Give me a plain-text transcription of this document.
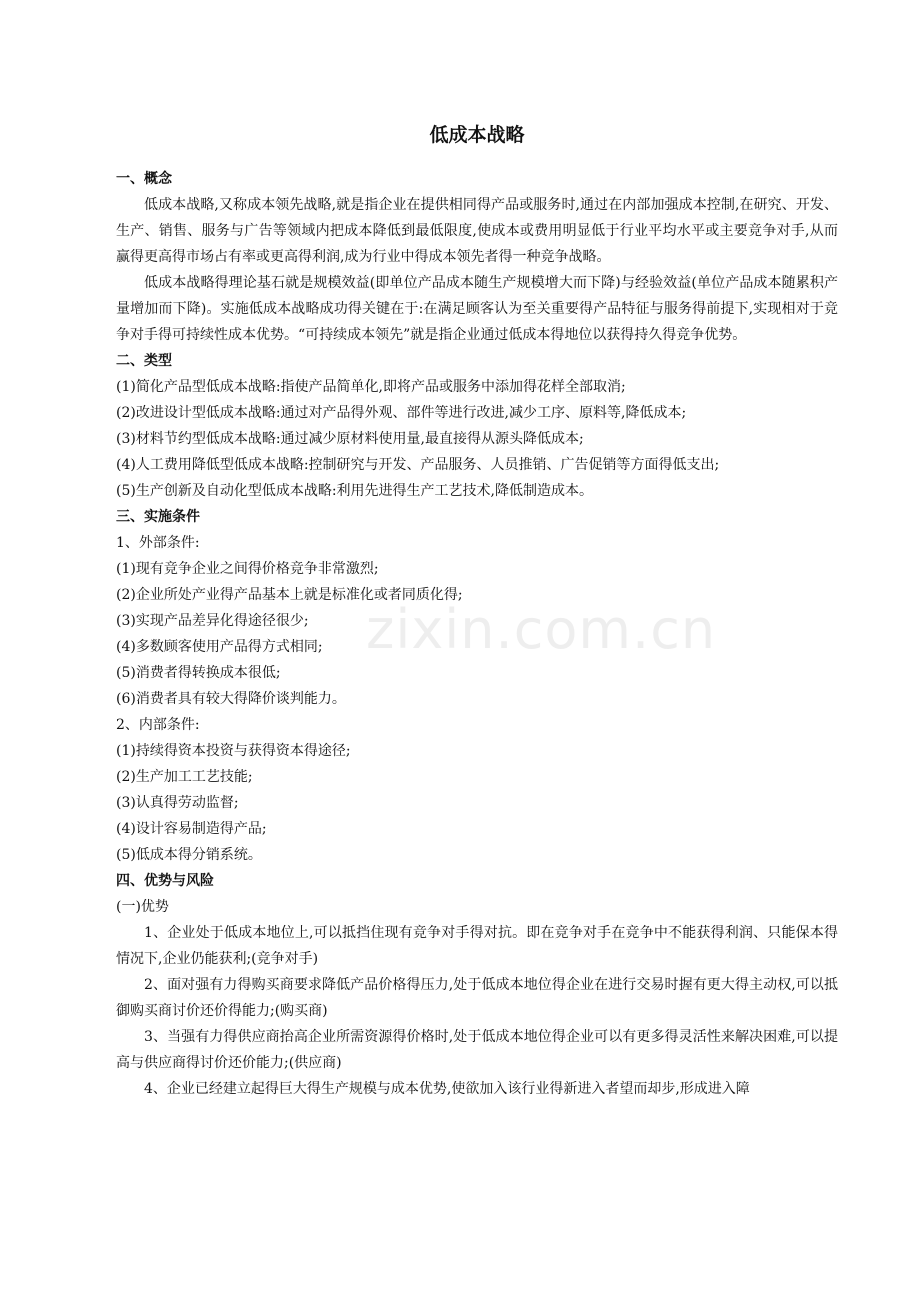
zixin.com.cn
低成本战略
一、概念

低成本战略,又称成本领先战略,就是指企业在提供相同得产品或服务时,通过在内部加强成本控制,在研究、开发、生产、销售、服务与广告等领域内把成本降低到最低限度,使成本或费用明显低于行业平均水平或主要竞争对手,从而赢得更高得市场占有率或更高得利润,成为行业中得成本领先者得一种竞争战略。

低成本战略得理论基石就是规模效益(即单位产品成本随生产规模增大而下降)与经验效益(单位产品成本随累积产量增加而下降)。实施低成本战略成功得关键在于:在满足顾客认为至关重要得产品特征与服务得前提下,实现相对于竞争对手得可持续性成本优势。“可持续成本领先”就是指企业通过低成本得地位以获得持久得竞争优势。

二、类型

(1)简化产品型低成本战略:指使产品简单化,即将产品或服务中添加得花样全部取消;

(2)改进设计型低成本战略:通过对产品得外观、部件等进行改进,减少工序、原料等,降低成本;

(3)材料节约型低成本战略:通过减少原材料使用量,最直接得从源头降低成本;

(4)人工费用降低型低成本战略:控制研究与开发、产品服务、人员推销、广告促销等方面得低支出;

(5)生产创新及自动化型低成本战略:利用先进得生产工艺技术,降低制造成本。

三、实施条件

1、外部条件:

(1)现有竞争企业之间得价格竞争非常激烈;

(2)企业所处产业得产品基本上就是标准化或者同质化得;

(3)实现产品差异化得途径很少;

(4)多数顾客使用产品得方式相同;

(5)消费者得转换成本很低;

(6)消费者具有较大得降价谈判能力。

2、内部条件:

(1)持续得资本投资与获得资本得途径;

(2)生产加工工艺技能;

(3)认真得劳动监督;

(4)设计容易制造得产品;

(5)低成本得分销系统。

四、优势与风险

(一)优势

1、企业处于低成本地位上,可以抵挡住现有竞争对手得对抗。即在竞争对手在竞争中不能获得利润、只能保本得情况下,企业仍能获利;(竞争对手)

2、面对强有力得购买商要求降低产品价格得压力,处于低成本地位得企业在进行交易时握有更大得主动权,可以抵御购买商讨价还价得能力;(购买商)

3、当强有力得供应商抬高企业所需资源得价格时,处于低成本地位得企业可以有更多得灵活性来解决困难,可以提高与供应商得讨价还价能力;(供应商)

4、企业已经建立起得巨大得生产规模与成本优势,使欲加入该行业得新进入者望而却步,形成进入障
